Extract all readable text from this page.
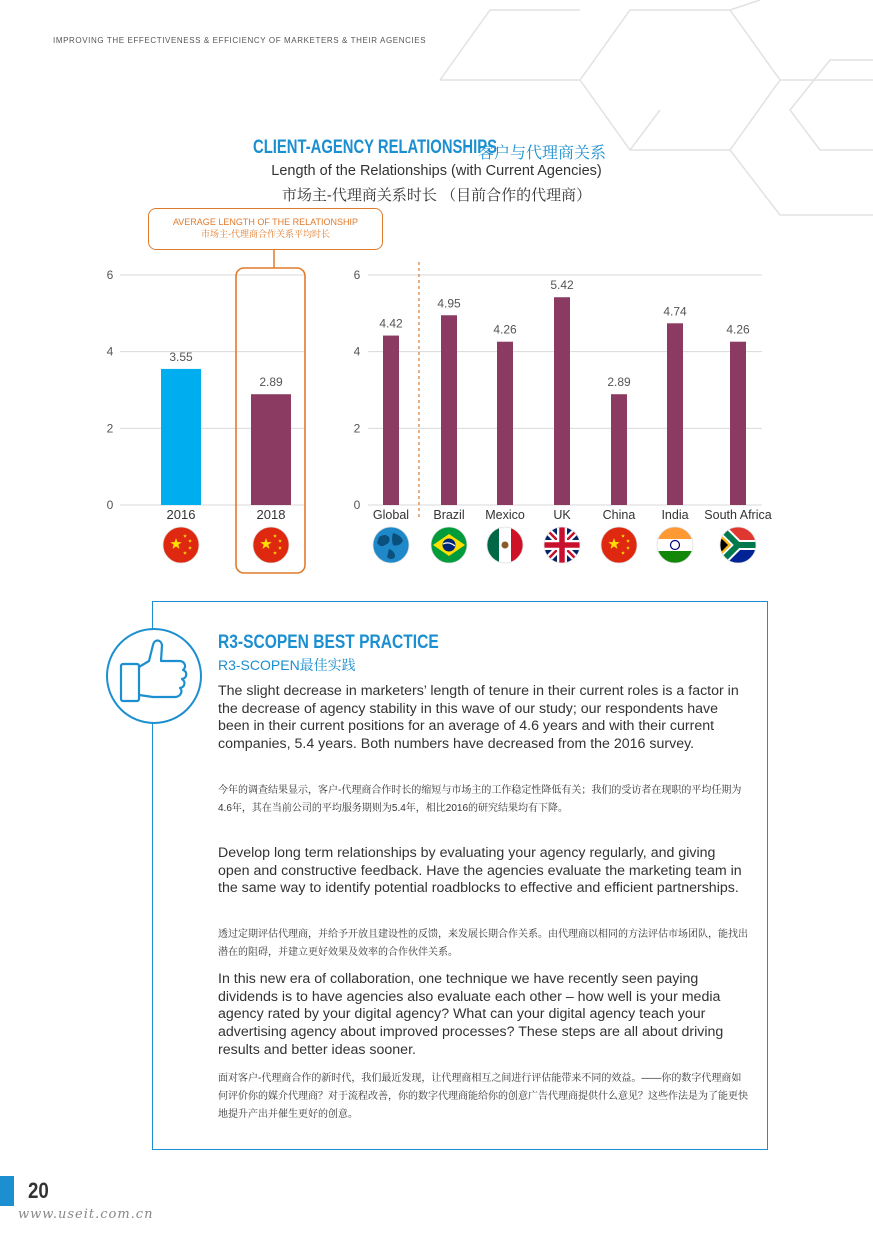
IMPROVING THE EFFECTIVENESS & EFFICIENCY OF MARKETERS & THEIR AGENCIES
CLIENT-AGENCY RELATIONSHIPS
客户与代理商关系
Length of the Relationships (with Current Agencies)
市场主-代理商关系时长 （目前合作的代理商）
AVERAGE LENGTH OF THE RELATIONSHIP
市场主-代理商合作关系平均时长
0
2
4
6
3.55
2016
2.89
2018
0
2
4
6
4.42
Global
4.95
Brazil
4.26
Mexico
5.42
UK
2.89
China
4.74
India
4.26
South Africa
R3-SCOPEN BEST PRACTICE
R3-SCOPEN最佳实践

The slight decrease in marketers’ length of tenure in their current roles is a factor in the decrease of agency stability in this wave of our study; our respondents have been in their current positions for an average of 4.6 years and with their current companies, 5.4 years. Both numbers have decreased from the 2016 survey.

今年的调查结果显示，客户-代理商合作时长的缩短与市场主的工作稳定性降低有关；我们的受访者在现职的平均任期为4.6年，其在当前公司的平均服务期则为5.4年，相比2016的研究结果均有下降。

Develop long term relationships by evaluating your agency regularly, and giving open and constructive feedback. Have the agencies evaluate the marketing team in the same way to identify potential roadblocks to effective and efficient partnerships.

透过定期评估代理商，并给予开放且建设性的反馈，来发展长期合作关系。由代理商以相同的方法评估市场团队，能找出潜在的阻碍，并建立更好效果及效率的合作伙伴关系。

In this new era of collaboration, one technique we have recently seen paying dividends is to have agencies also evaluate each other – how well is your media agency rated by your digital agency? What can your digital agency teach your advertising agency about improved processes? These steps are all about driving results and better ideas sooner.

面对客户-代理商合作的新时代，我们最近发现，让代理商相互之间进行评估能带来不同的效益。——你的数字代理商如何评价你的媒介代理商？对于流程改善，你的数字代理商能给你的创意广告代理商提供什么意见？这些作法是为了能更快地提升产出并催生更好的创意。

20
www.useit.com.cn
